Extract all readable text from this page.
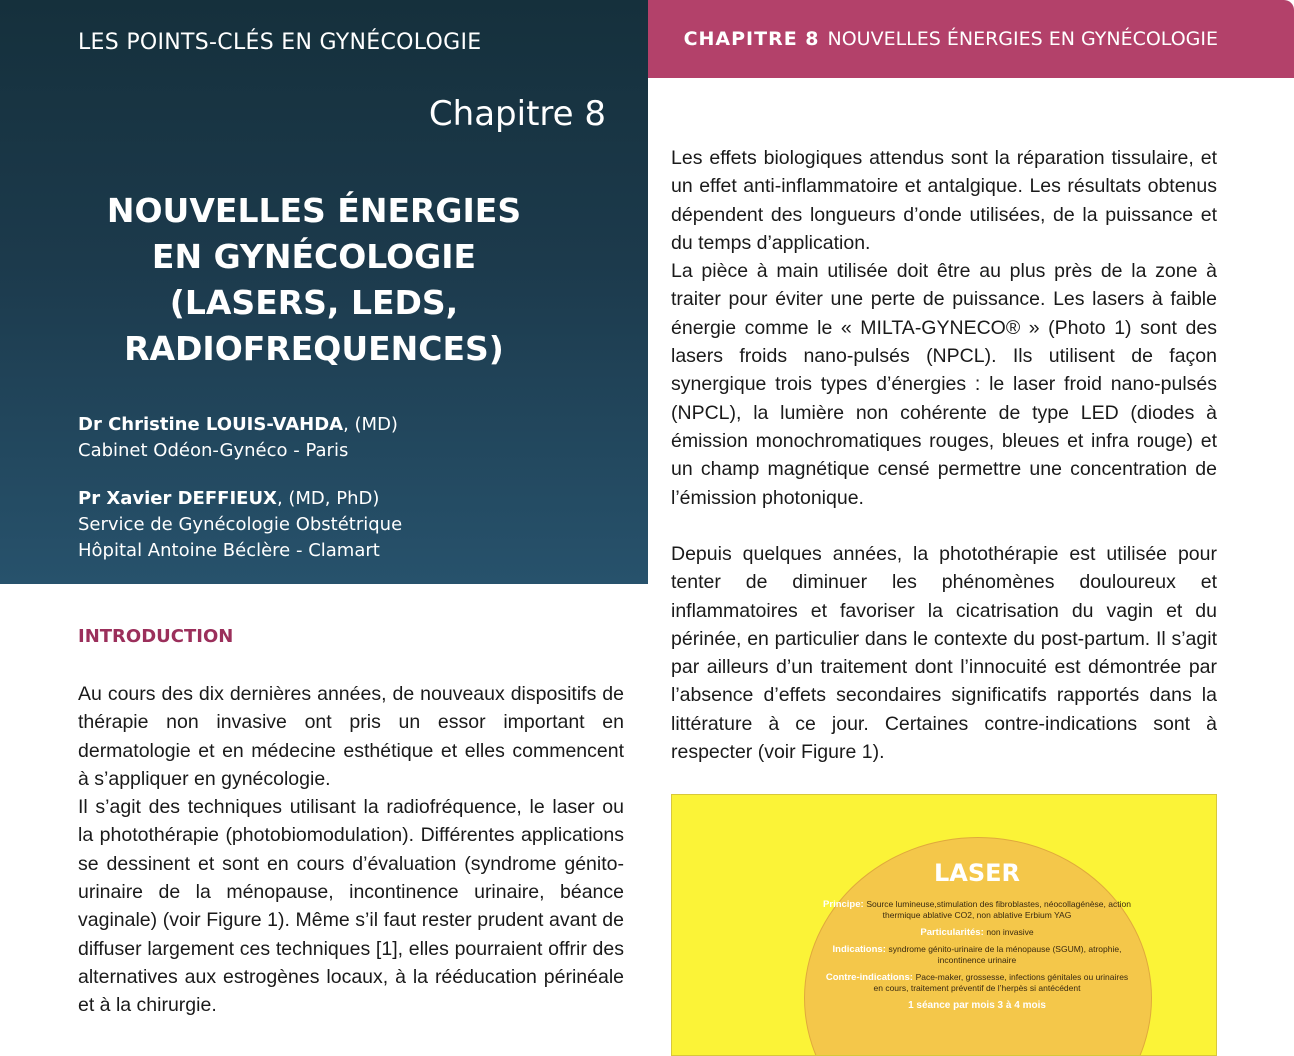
LES POINTS-CLÉS EN GYNÉCOLOGIE
Chapitre 8
NOUVELLES ÉNERGIES
EN GYNÉCOLOGIE
(LASERS, LEDS,
RADIOFREQUENCES)
Dr Christine LOUIS-VAHDA, (MD)
Cabinet Odéon-Gynéco - Paris
Pr Xavier DEFFIEUX, (MD, PhD)
Service de Gynécologie Obstétrique
Hôpital Antoine Béclère - Clamart
CHAPITRE 8 NOUVELLES ÉNERGIES EN GYNÉCOLOGIE
INTRODUCTION

Au cours des dix dernières années, de nouveaux dispositifs de thérapie non invasive ont pris un essor important en dermatologie et en médecine esthétique et elles commencent à s’appliquer en gynécologie.

Il s’agit des techniques utilisant la radiofréquence, le laser ou la photothérapie (photobiomodulation). Différentes applications se dessinent et sont en cours d’évaluation (syndrome génito-urinaire de la ménopause, incontinence urinaire, béance vaginale) (voir Figure 1). Même s’il faut rester prudent avant de diffuser largement ces techniques [1], elles pourraient offrir des alternatives aux estrogènes locaux, à la rééducation périnéale et à la chirurgie.

Les effets biologiques attendus sont la réparation tissulaire, et un effet anti-inflammatoire et antalgique. Les résultats obtenus dépendent des longueurs d’onde utilisées, de la puissance et du temps d’application.

La pièce à main utilisée doit être au plus près de la zone à traiter pour éviter une perte de puissance. Les lasers à faible énergie comme le « MILTA-GYNECO® » (Photo 1) sont des lasers froids nano-pulsés (NPCL). Ils utilisent de façon synergique trois types d’énergies : le laser froid nano-pulsés (NPCL), la lumière non cohérente de type LED (diodes à émission monochromatiques rouges, bleues et infra rouge) et un champ magnétique censé permettre une concentration de l’émission photonique.

Depuis quelques années, la photothérapie est utilisée pour tenter de diminuer les phénomènes douloureux et inflammatoires et favoriser la cicatrisation du vagin et du périnée, en particulier dans le contexte du post-partum. Il s’agit par ailleurs d’un traitement dont l’innocuité est démontrée par l’absence d’effets secondaires significatifs rapportés dans la littérature à ce jour. Certaines contre-indications sont à respecter (voir Figure 1).

LASER
Principe: Source lumineuse,stimulation des fibroblastes, néocollagénèse, action thermique ablative CO2, non ablative Erbium YAG
Particularités: non invasive
Indications: syndrome génito-urinaire de la ménopause (SGUM), atrophie, incontinence urinaire
Contre-indications: Pace-maker, grossesse, infections génitales ou urinaires en cours, traitement préventif de l’herpès si antécédent
1 séance par mois 3 à 4 mois
